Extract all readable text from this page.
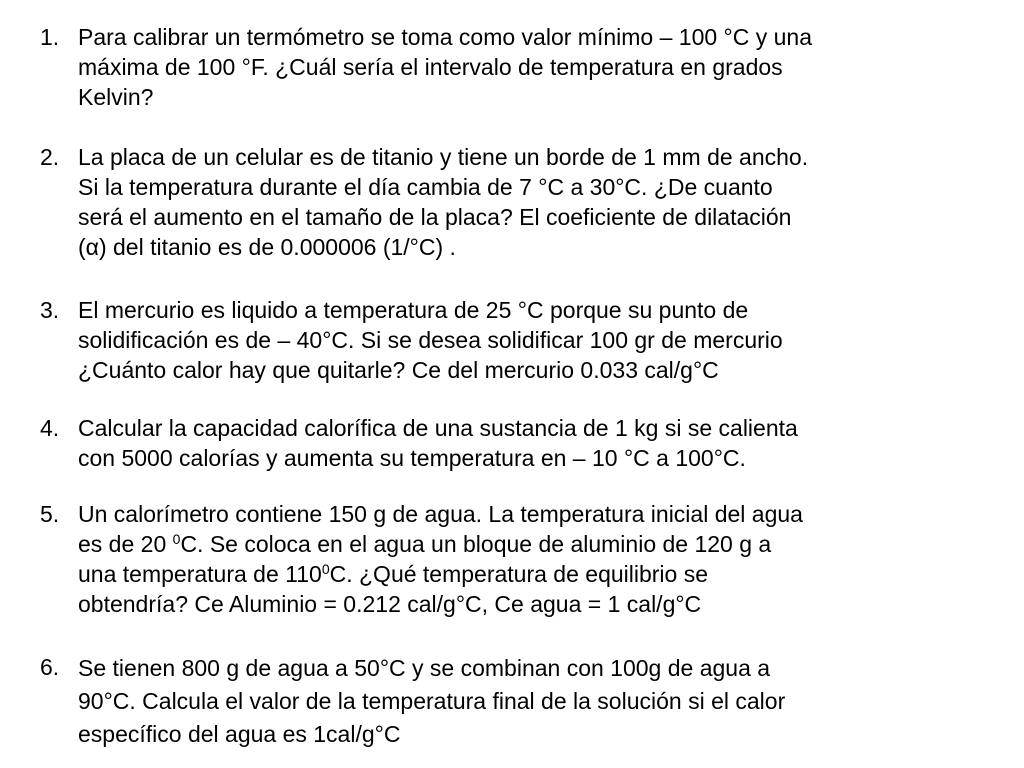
1. Para calibrar un termómetro se toma como valor mínimo – 100 °C y una
máxima de 100 °F. ¿Cuál sería el intervalo de temperatura en grados
Kelvin?
2. La placa de un celular es de titanio y tiene un borde de 1 mm de ancho.
Si la temperatura durante el día cambia de 7 °C a 30°C. ¿De cuanto
será el aumento en el tamaño de la placa? El coeficiente de dilatación
(α) del titanio es de 0.000006 (1/°C) .
3. El mercurio es liquido a temperatura de 25 °C porque su punto de
solidificación es de – 40°C. Si se desea solidificar 100 gr de mercurio
¿Cuánto calor hay que quitarle? Ce del mercurio 0.033 cal/g°C
4. Calcular la capacidad calorífica de una sustancia de 1 kg si se calienta
con 5000 calorías y aumenta su temperatura en – 10 °C a 100°C.
5. Un calorímetro contiene 150 g de agua. La temperatura inicial del agua
es de 20 $^0$C. Se coloca en el agua un bloque de aluminio de 120 g a
una temperatura de $110^0C$. ¿Qué temperatura de equilibrio se
obtendría? Ce Aluminio = 0.212 cal/g°C, Ce agua = 1 cal/g°C
6. Se tienen 800 g de agua a 50°C y se combinan con 100g de agua a
90°C. Calcula el valor de la temperatura final de la solución si el calor
específico del agua es 1cal/g°C
